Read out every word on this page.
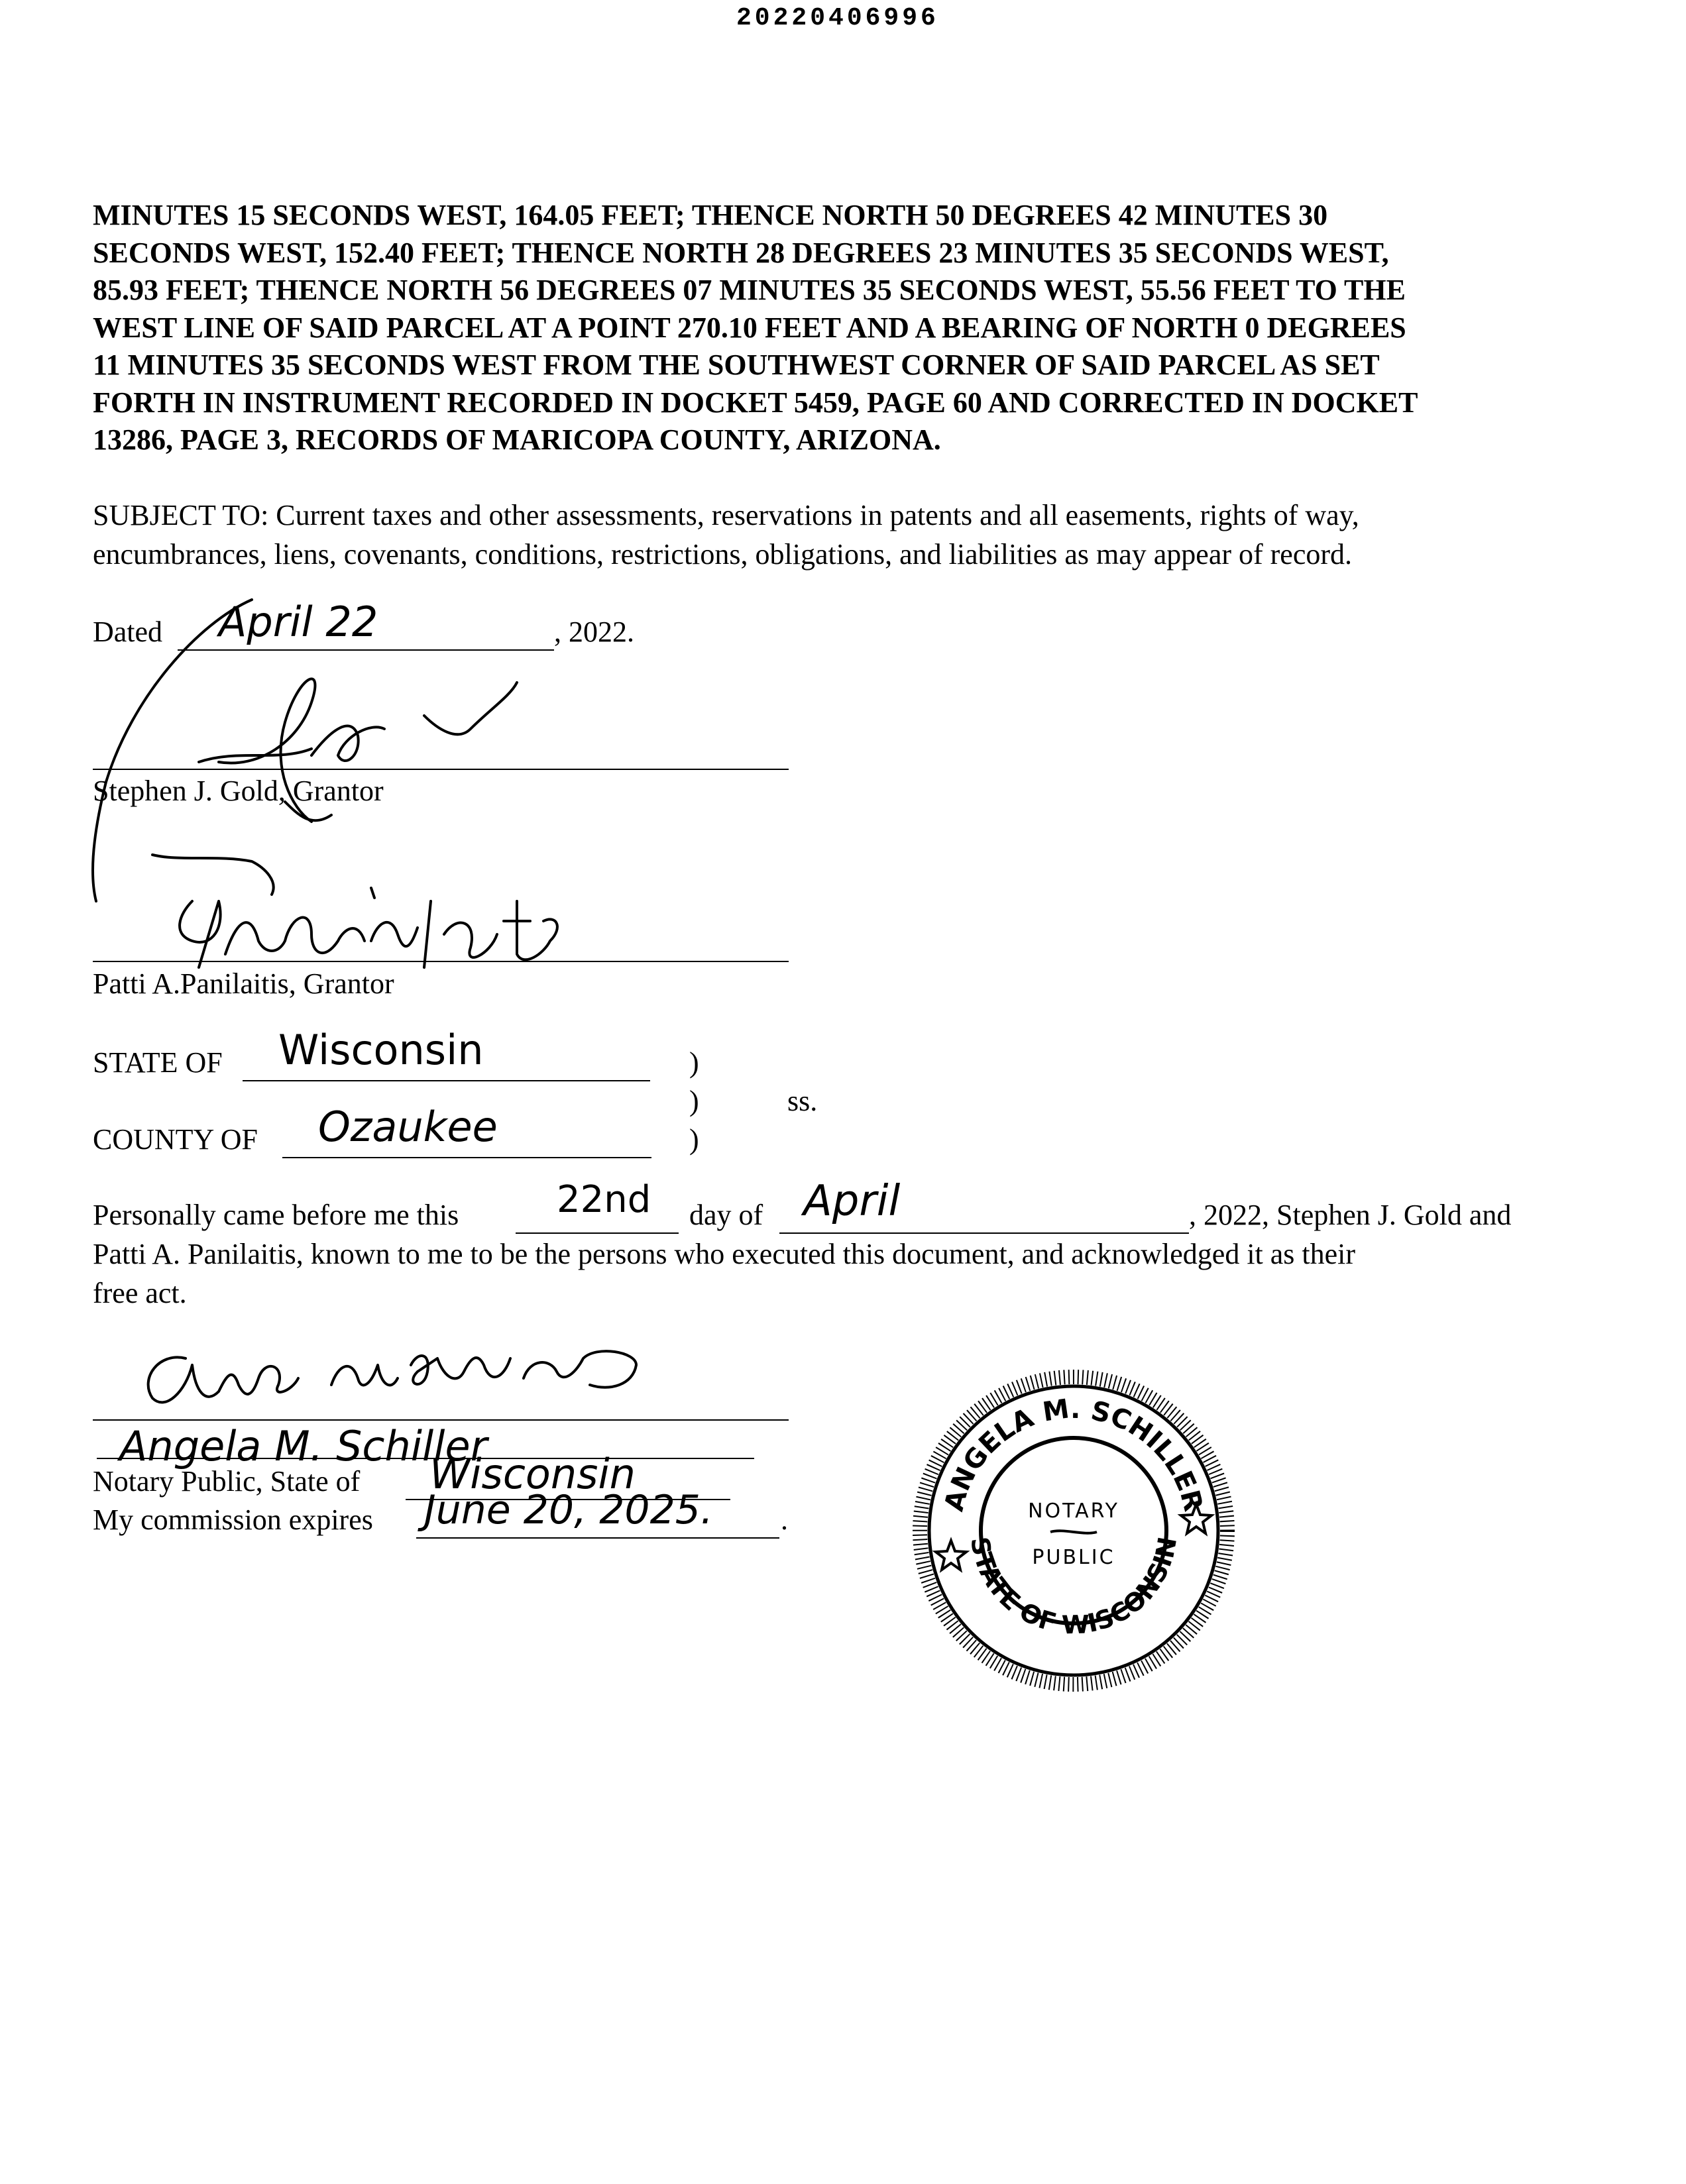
20220406996
MINUTES 15 SECONDS WEST, 164.05 FEET; THENCE NORTH 50 DEGREES 42 MINUTES 30
SECONDS WEST, 152.40 FEET; THENCE NORTH 28 DEGREES 23 MINUTES 35 SECONDS WEST,
85.93 FEET; THENCE NORTH 56 DEGREES 07 MINUTES 35 SECONDS WEST, 55.56 FEET TO THE
WEST LINE OF SAID PARCEL AT A POINT 270.10 FEET AND A BEARING OF NORTH 0 DEGREES
11 MINUTES 35 SECONDS WEST FROM THE SOUTHWEST CORNER OF SAID PARCEL AS SET
FORTH IN INSTRUMENT RECORDED IN DOCKET 5459, PAGE 60 AND CORRECTED IN DOCKET
13286, PAGE 3, RECORDS OF MARICOPA COUNTY, ARIZONA.
SUBJECT TO: Current taxes and other assessments, reservations in patents and all easements, rights of way,
encumbrances, liens, covenants, conditions, restrictions, obligations, and liabilities as may appear of record.
Dated April 22	, 2022.
Stephen J. Gold, Grantor
Patti A.Panilaitis, Grantor
STATE OF Wisconsin	)
)
)
ss.
COUNTY OF Ozaukee
Personally came before me this	22nd day of April	, 2022, Stephen J. Gold and
Patti A. Panilaitis, known to me to be the persons who executed this document, and acknowledged it as their
free act.
Angela M. Schiller
Notary Public, State of Wisconsin
My commission expires June 20, 2025. .
ANGELA M. SCHILLER
STATE OF WISCONSIN
NOTARY
PUBLIC
